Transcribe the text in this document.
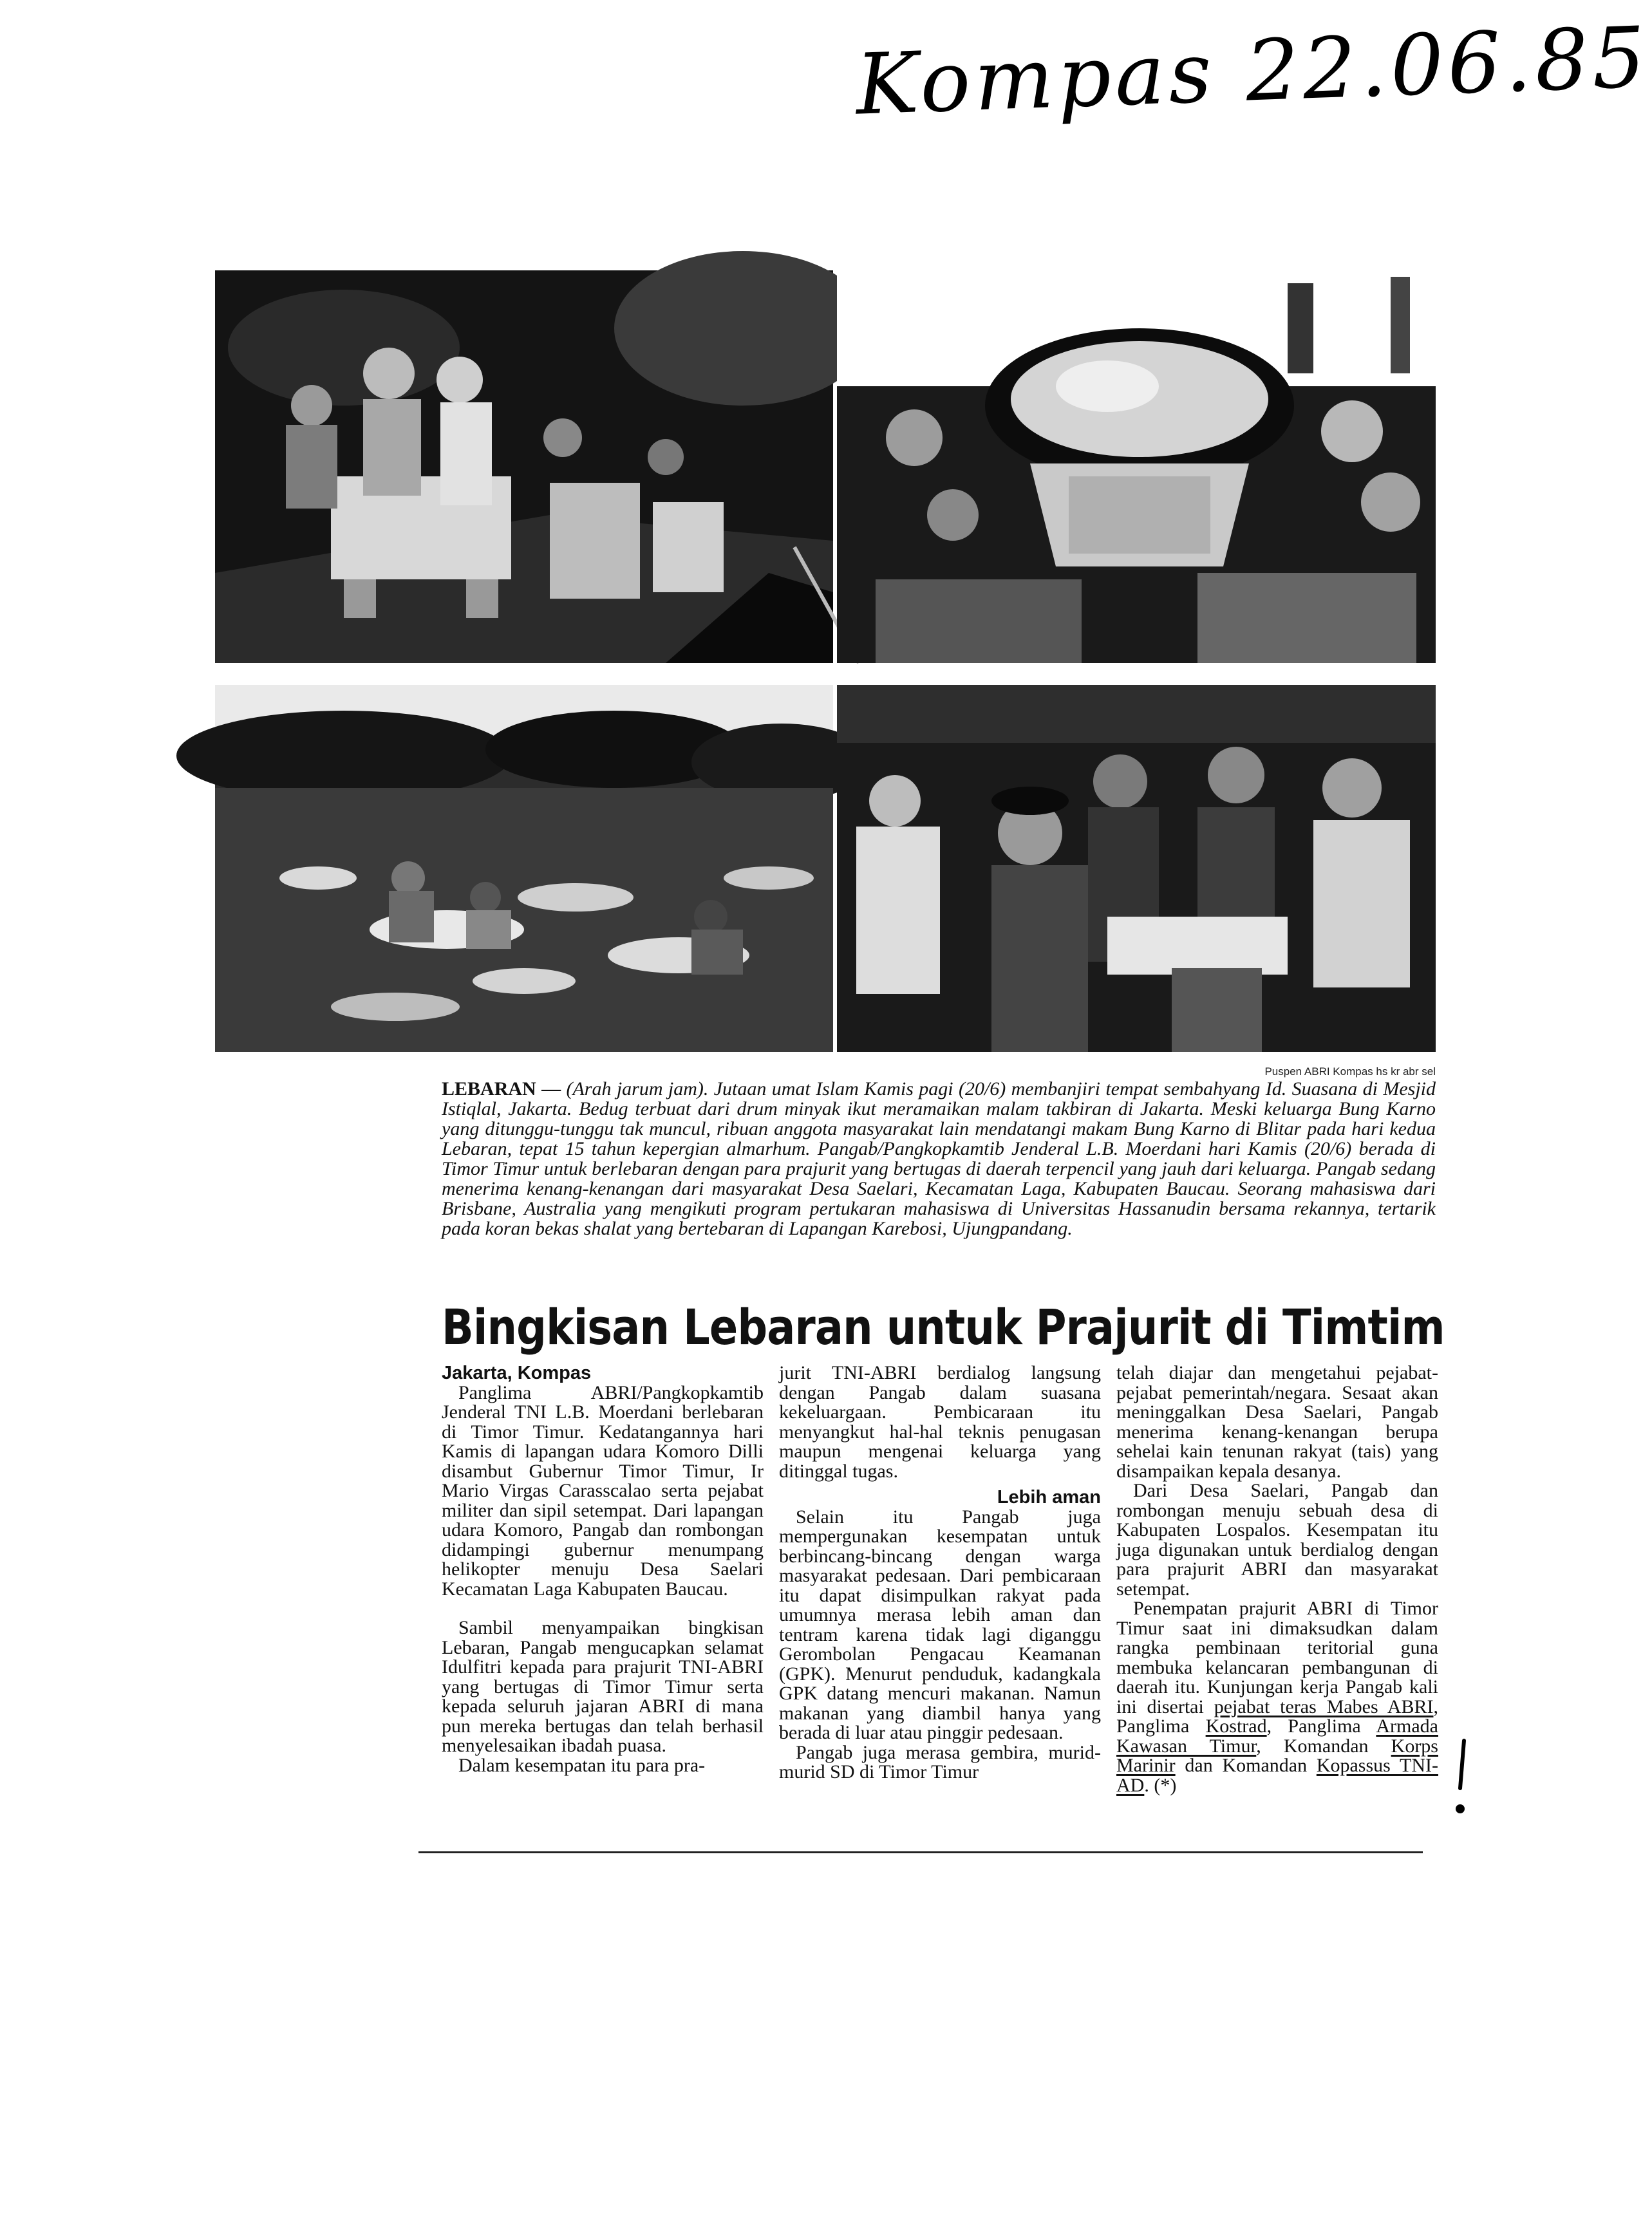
Kompas 22.06.85
Puspen ABRI Kompas hs kr abr sel
LEBARAN — (Arah jarum jam). Jutaan umat Islam Kamis pagi (20/6) membanjiri tempat sembahyang Id. Suasana di Mesjid Istiqlal, Jakarta. Bedug terbuat dari drum minyak ikut meramaikan malam takbiran di Jakarta. Meski keluarga Bung Karno yang ditunggu-tunggu tak muncul, ribuan anggota masyarakat lain mendatangi makam Bung Karno di Blitar pada hari kedua Lebaran, tepat 15 tahun kepergian almarhum. Pangab/Pangkopkamtib Jenderal L.B. Moerdani hari Kamis (20/6) berada di Timor Timur untuk berlebaran dengan para prajurit yang bertugas di daerah terpencil yang jauh dari keluarga. Pangab sedang menerima kenang-kenangan dari masyarakat Desa Saelari, Kecamatan Laga, Kabupaten Baucau. Seorang mahasiswa dari Brisbane, Australia yang mengikuti program pertukaran mahasiswa di Universitas Hassanudin bersama rekannya, tertarik pada koran bekas shalat yang bertebaran di Lapangan Karebosi, Ujungpandang.
Bingkisan Lebaran untuk Prajurit di Timtim

Jakarta, Kompas

Panglima ABRI/Pangkopkamtib Jenderal TNI L.B. Moerdani berlebaran di Timor Timur. Kedatangannya hari Kamis di lapangan udara Komoro Dilli disambut Gubernur Timor Timur, Ir Mario Virgas Carasscalao serta pejabat militer dan sipil setempat. Dari lapangan udara Komoro, Pangab dan rombongan didampingi gubernur menumpang helikopter menuju Desa Saelari Kecamatan Laga Kabupaten Baucau.

Sambil menyampaikan bingkisan Lebaran, Pangab mengucapkan selamat Idulfitri kepada para prajurit TNI-ABRI yang bertugas di Timor Timur serta kepada seluruh jajaran ABRI di mana pun mereka bertugas dan telah berhasil menyelesaikan ibadah puasa.

Dalam kesempatan itu para pra-

jurit TNI-ABRI berdialog langsung dengan Pangab dalam suasana kekeluargaan. Pembicaraan itu menyangkut hal-hal teknis penugasan maupun mengenai keluarga yang ditinggal tugas.

Lebih aman

Selain itu Pangab juga mempergunakan kesempatan untuk berbincang-bincang dengan warga masyarakat pedesaan. Dari pembicaraan itu dapat disimpulkan rakyat pada umumnya merasa lebih aman dan tentram karena tidak lagi diganggu Gerombolan Pengacau Keamanan (GPK). Menurut penduduk, kadangkala GPK datang mencuri makanan. Namun makanan yang diambil hanya yang berada di luar atau pinggir pedesaan.

Pangab juga merasa gembira, murid-murid SD di Timor Timur

telah diajar dan mengetahui pejabat-pejabat pemerintah/negara. Sesaat akan meninggalkan Desa Saelari, Pangab menerima kenang-kenangan berupa sehelai kain tenunan rakyat (tais) yang disampaikan kepala desanya.

Dari Desa Saelari, Pangab dan rombongan menuju sebuah desa di Kabupaten Lospalos. Kesempatan itu juga digunakan untuk berdialog dengan para prajurit ABRI dan masyarakat setempat.

Penempatan prajurit ABRI di Timor Timur saat ini dimaksudkan dalam rangka pembinaan teritorial guna membuka kelancaran pembangunan di daerah itu. Kunjungan kerja Pangab kali ini disertai pejabat teras Mabes ABRI, Panglima Kostrad, Panglima Armada Kawasan Timur, Komandan Korps Marinir dan Komandan Kopassus TNI-AD. (*)
